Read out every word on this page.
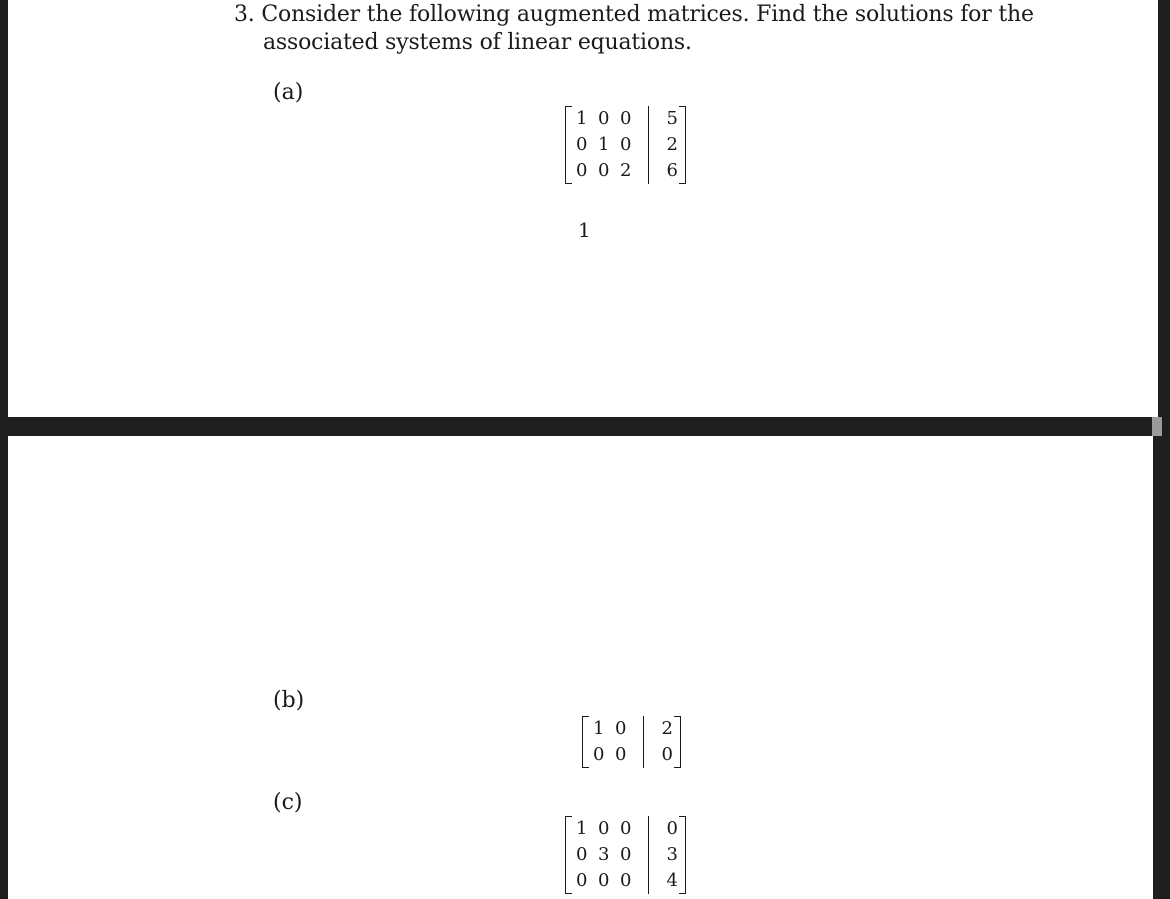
3. Consider the following augmented matrices. Find the solutions for the
associated systems of linear equations.
(a)
1 0 0
0 1 0
0 0 2
5
2
6
1
(b)
1 0
0 0
2
0
(c)
1 0 0
0 3 0
0 0 0
0
3
4
